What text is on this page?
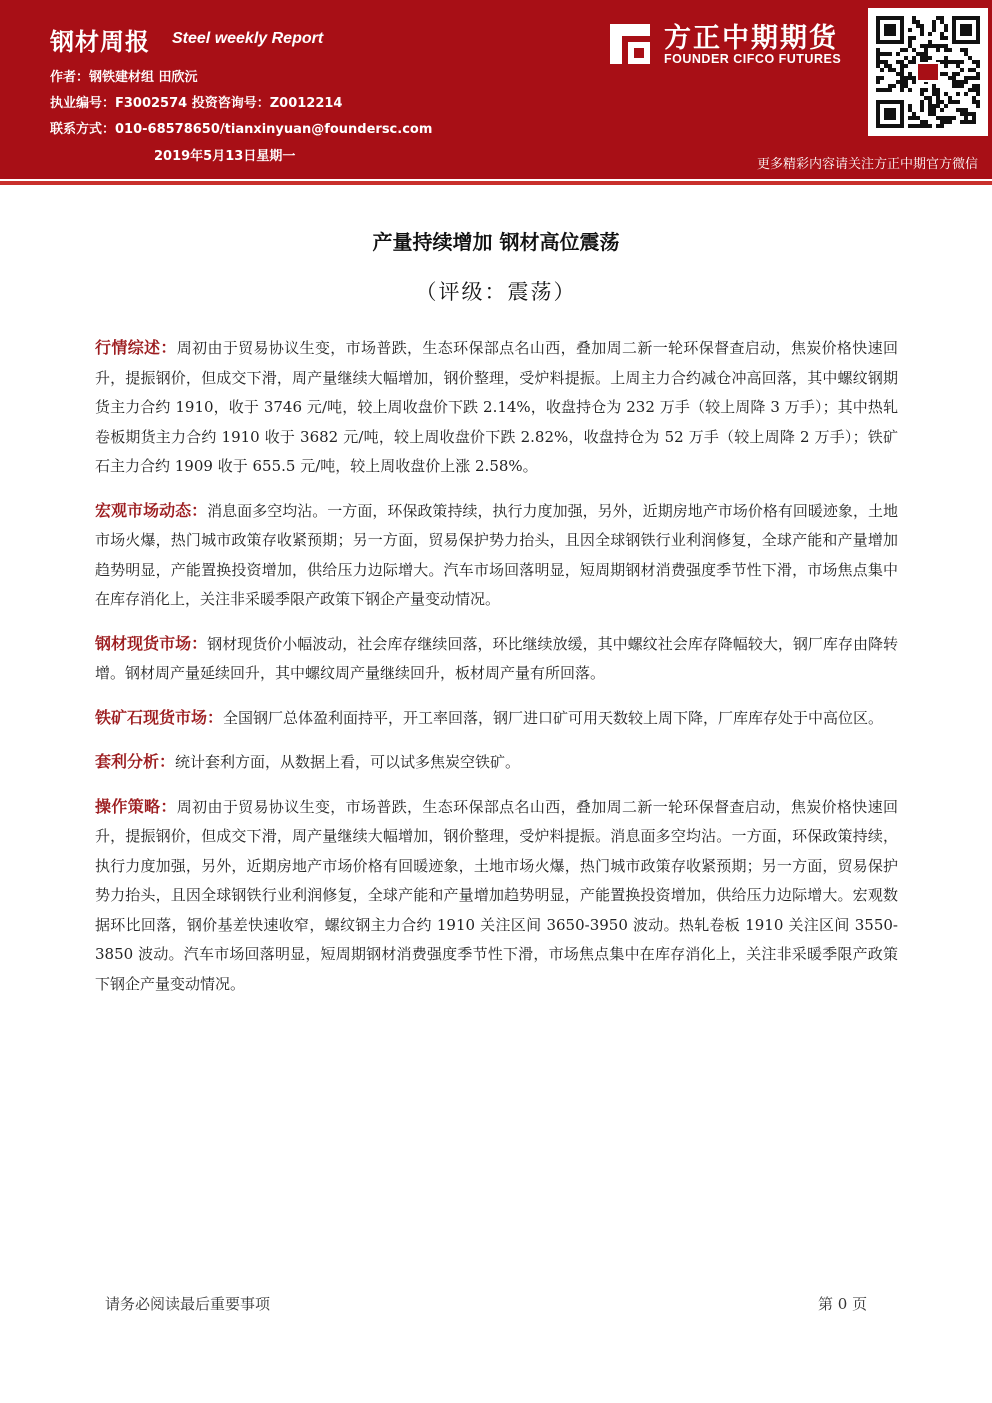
钢材周报 Steel weekly Report
作者：钢铁建材组 田欣沅
执业编号：F3002574 投资咨询号：Z0012214
联系方式：010-68578650/tianxinyuan@foundersc.com
2019年5月13日星期一
方正中期期货
FOUNDER CIFCO FUTURES
更多精彩内容请关注方正中期官方微信
产量持续增加 钢材高位震荡
（评级：震荡）

行情综述：周初由于贸易协议生变，市场普跌，生态环保部点名山西，叠加周二新一轮环保督查启动，焦炭价格快速回升，提振钢价，但成交下滑，周产量继续大幅增加，钢价整理，受炉料提振。上周主力合约减仓冲高回落，其中螺纹钢期货主力合约 1910，收于 3746 元/吨，较上周收盘价下跌 2.14%，收盘持仓为 232 万手（较上周降 3 万手）；其中热轧卷板期货主力合约 1910 收于 3682 元/吨，较上周收盘价下跌 2.82%，收盘持仓为 52 万手（较上周降 2 万手）；铁矿石主力合约 1909 收于 655.5 元/吨，较上周收盘价上涨 2.58%。

宏观市场动态：消息面多空均沾。一方面，环保政策持续，执行力度加强，另外，近期房地产市场价格有回暖迹象，土地市场火爆，热门城市政策存收紧预期；另一方面，贸易保护势力抬头，且因全球钢铁行业利润修复，全球产能和产量增加趋势明显，产能置换投资增加，供给压力边际增大。汽车市场回落明显，短周期钢材消费强度季节性下滑，市场焦点集中在库存消化上，关注非采暖季限产政策下钢企产量变动情况。

钢材现货市场：钢材现货价小幅波动，社会库存继续回落，环比继续放缓，其中螺纹社会库存降幅较大，钢厂库存由降转增。钢材周产量延续回升，其中螺纹周产量继续回升，板材周产量有所回落。

铁矿石现货市场：全国钢厂总体盈利面持平，开工率回落，钢厂进口矿可用天数较上周下降，厂库库存处于中高位区。

套利分析：统计套利方面，从数据上看，可以试多焦炭空铁矿。

操作策略：周初由于贸易协议生变，市场普跌，生态环保部点名山西，叠加周二新一轮环保督查启动，焦炭价格快速回升，提振钢价，但成交下滑，周产量继续大幅增加，钢价整理，受炉料提振。消息面多空均沾。一方面，环保政策持续，执行力度加强，另外，近期房地产市场价格有回暖迹象，土地市场火爆，热门城市政策存收紧预期；另一方面，贸易保护势力抬头，且因全球钢铁行业利润修复，全球产能和产量增加趋势明显，产能置换投资增加，供给压力边际增大。宏观数据环比回落，钢价基差快速收窄，螺纹钢主力合约 1910 关注区间 3650-3950 波动。热轧卷板 1910 关注区间 3550-3850 波动。汽车市场回落明显，短周期钢材消费强度季节性下滑，市场焦点集中在库存消化上，关注非采暖季限产政策下钢企产量变动情况。

请务必阅读最后重要事项	第 0 页
